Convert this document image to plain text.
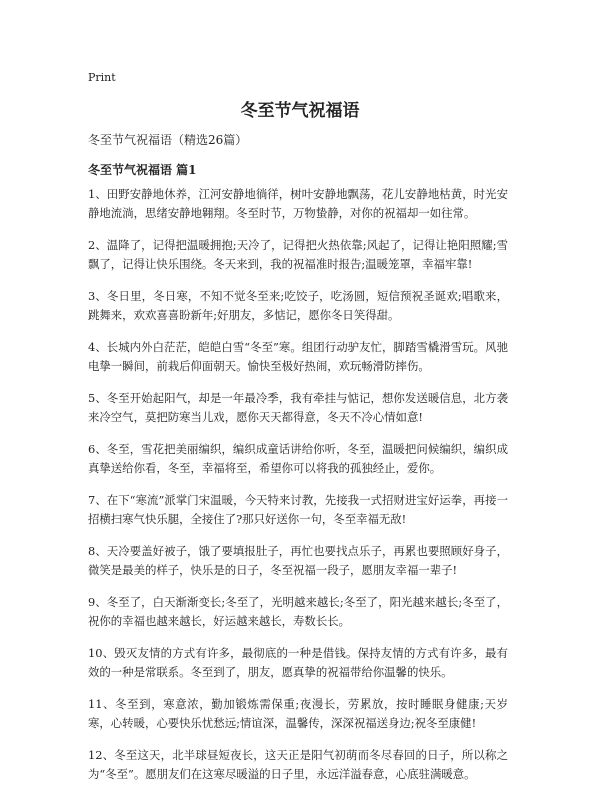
Print
冬至节气祝福语

冬至节气祝福语（精选26篇）

冬至节气祝福语 篇1

1、田野安静地休养，江河安静地徜徉，树叶安静地飘荡，花儿安静地枯黄，时光安静地流淌，思绪安静地翱翔。冬至时节，万物蛰静，对你的祝福却一如往常。

2、温降了，记得把温暖拥抱;天冷了，记得把火热依靠;风起了，记得让艳阳照耀;雪飘了，记得让快乐围绕。冬天来到，我的祝福准时报告;温暖笼罩，幸福牢靠!

3、冬日里，冬日寒，不知不觉冬至来;吃饺子，吃汤圆，短信预祝圣诞欢;唱歌来，跳舞来，欢欢喜喜盼新年;好朋友，多惦记，愿你冬日笑得甜。

4、长城内外白茫茫，皑皑白雪“冬至”寒。组团行动驴友忙，脚踏雪橇滑雪玩。风驰电挚一瞬间，前栽后仰面朝天。愉快至极好热闹，欢玩畅滑防摔伤。

5、冬至开始起阳气，却是一年最冷季，我有牵挂与惦记，想你发送暖信息，北方袭来冷空气，莫把防寒当儿戏，愿你天天都得意，冬天不冷心情如意!

6、冬至，雪花把美丽编织，编织成童话讲给你听，冬至，温暖把问候编织，编织成真挚送给你看，冬至，幸福将至，希望你可以将我的孤独经止，爱你。

7、在下“寒流”派掌门宋温暖，今天特来讨教，先接我一式招财进宝好运拳，再接一招横扫寒气快乐腿，全接住了?那只好送你一句，冬至幸福无敌!

8、天冷要盖好被子，饿了要填报肚子，再忙也要找点乐子，再累也要照顾好身子，微笑是最美的样子，快乐是的日子，冬至祝福一段子，愿朋友幸福一辈子!

9、冬至了，白天渐渐变长;冬至了，光明越来越长;冬至了，阳光越来越长;冬至了，祝你的幸福也越来越长，好运越来越长，寿数长长。

10、毁灭友情的方式有许多，最彻底的一种是借钱。保持友情的方式有许多，最有效的一种是常联系。冬至到了，朋友，愿真挚的祝福带给你温馨的快乐。

11、冬至到，寒意浓，勤加锻炼需保重;夜漫长，劳累放，按时睡眠身健康;天岁寒，心转暖，心要快乐忧愁远;情谊深，温馨传，深深祝福送身边;祝冬至康健!

12、冬至这天，北半球昼短夜长，这天正是阳气初萌而冬尽春回的日子，所以称之为“冬至”。愿朋友们在这寒尽暖溢的日子里，永远洋溢春意，心底驻满暖意。
